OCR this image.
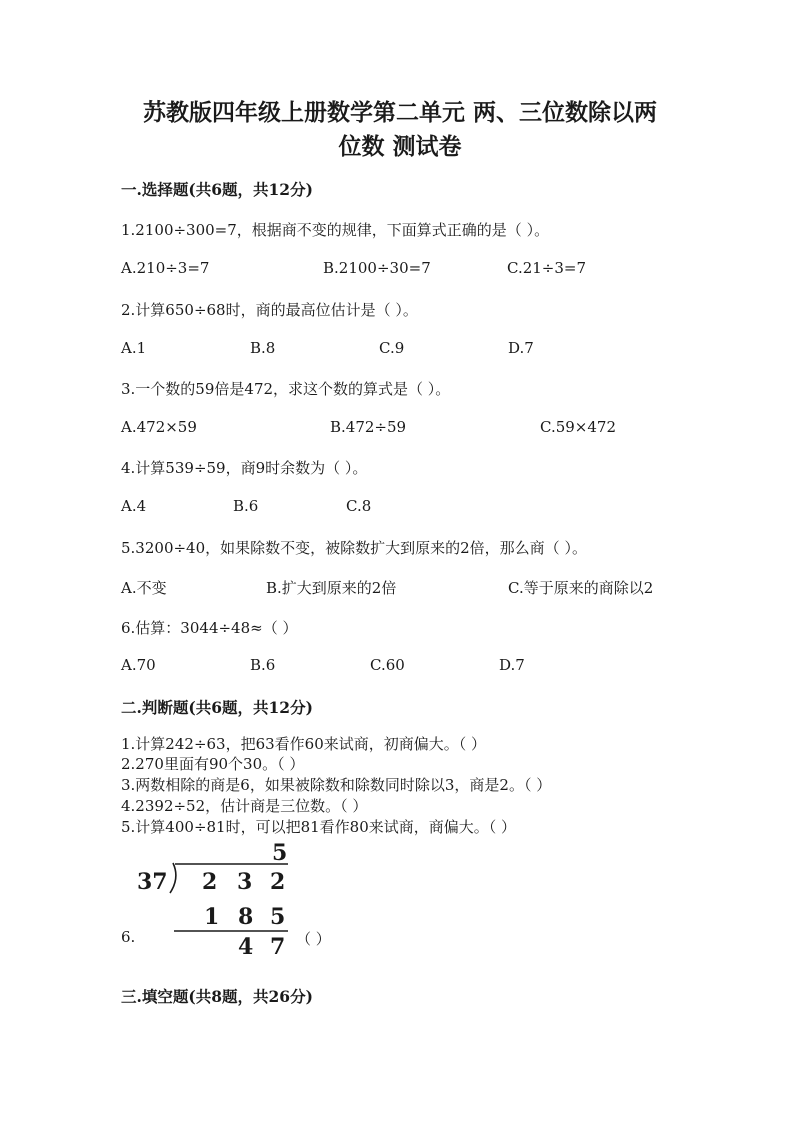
苏教版四年级上册数学第二单元 两、三位数除以两
位数 测试卷
一.选择题(共6题，共12分)
1.2100÷300=7，根据商不变的规律，下面算式正确的是（ ）。
A.210÷3=7	B.2100÷30=7	C.21÷3=7
2.计算650÷68时，商的最高位估计是（ ）。
A.1	B.8	C.9	D.7
3.一个数的59倍是472，求这个数的算式是（ ）。
A.472×59	B.472÷59	C.59×472
4.计算539÷59，商9时余数为（ ）。
A.4	B.6	C.8
5.3200÷40，如果除数不变，被除数扩大到原来的2倍，那么商（ ）。
A.不变	B.扩大到原来的2倍	C.等于原来的商除以2
6.估算：3044÷48≈（ ）
A.70	B.6	C.60	D.7
二.判断题(共6题，共12分)
1.计算242÷63，把63看作60来试商，初商偏大。（ ）
2.270里面有90个30。（ ）
3.两数相除的商是6，如果被除数和除数同时除以3，商是2。（ ）
4.2392÷52，估计商是三位数。（ ）
5.计算400÷81时，可以把81看作80来试商，商偏大。（ ）
6.
5
37 2 3 2
1 8 5
4 7 （ ）
三.填空题(共8题，共26分)
